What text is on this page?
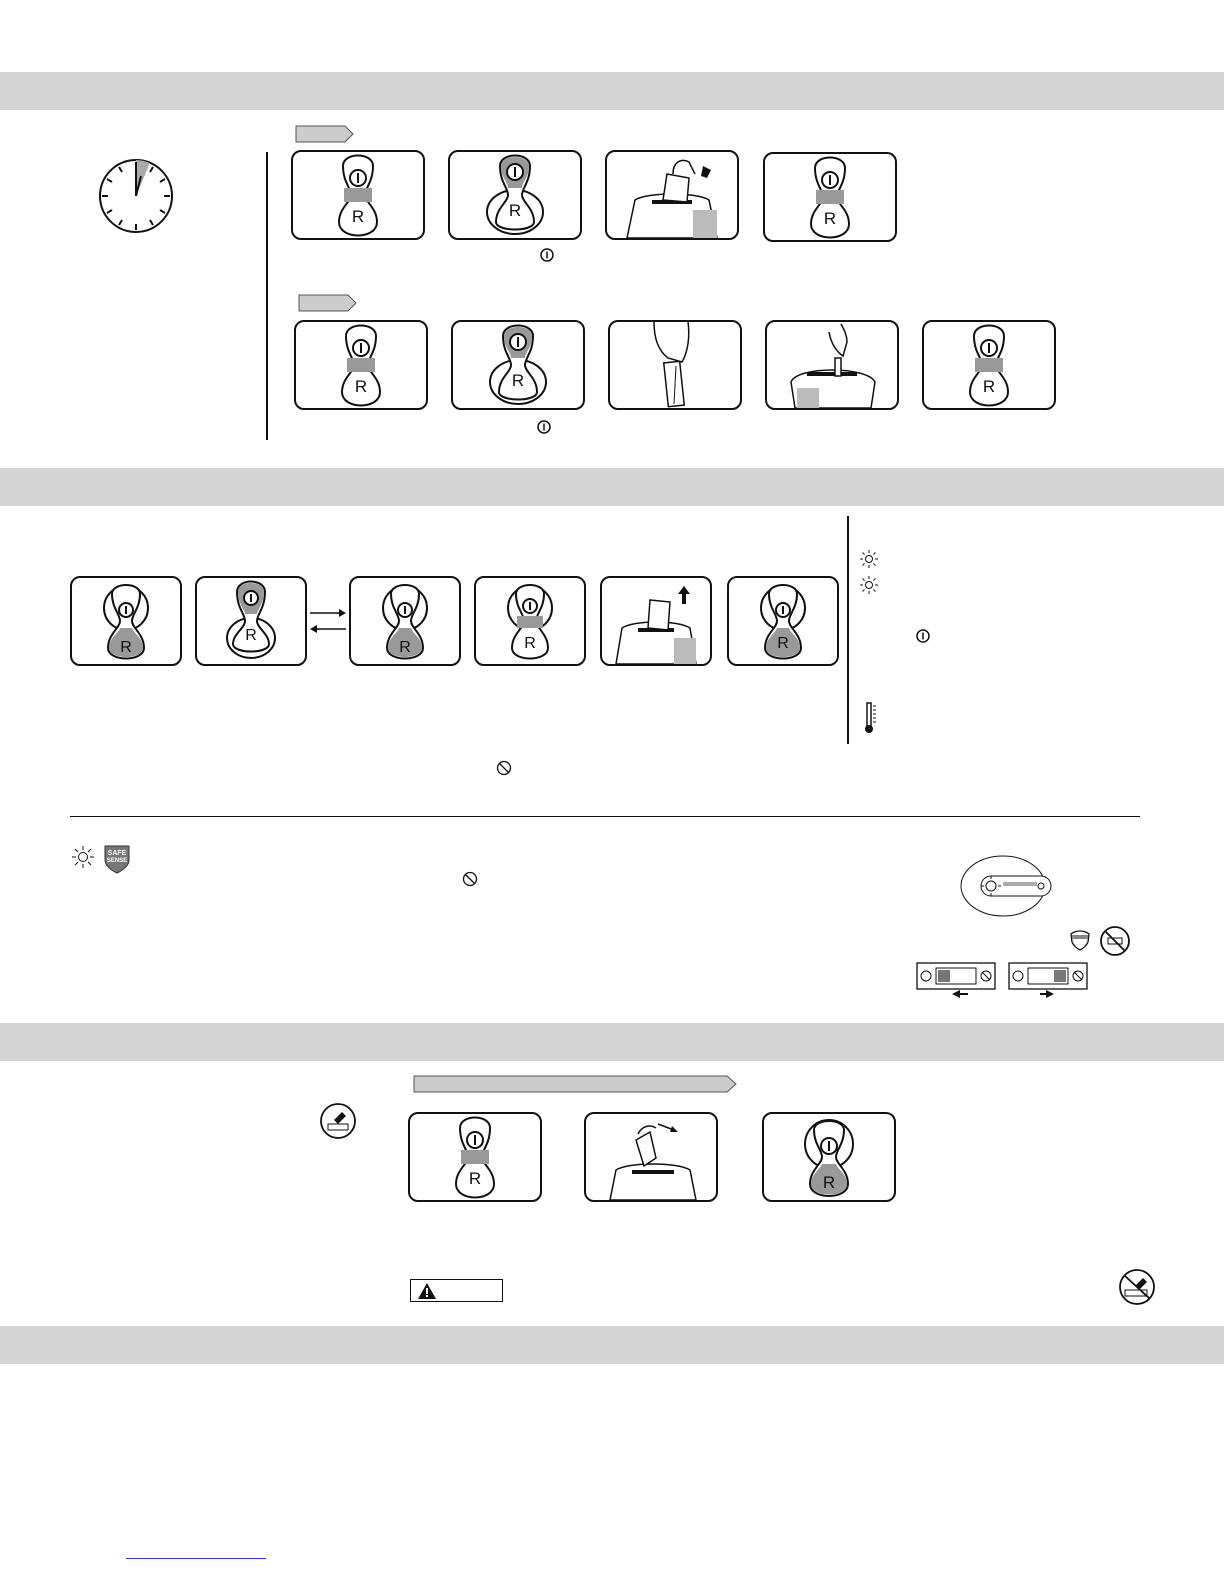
R	R	R
R	R	R
R
R
R	R	R
SAFE
SENSE
R	R
